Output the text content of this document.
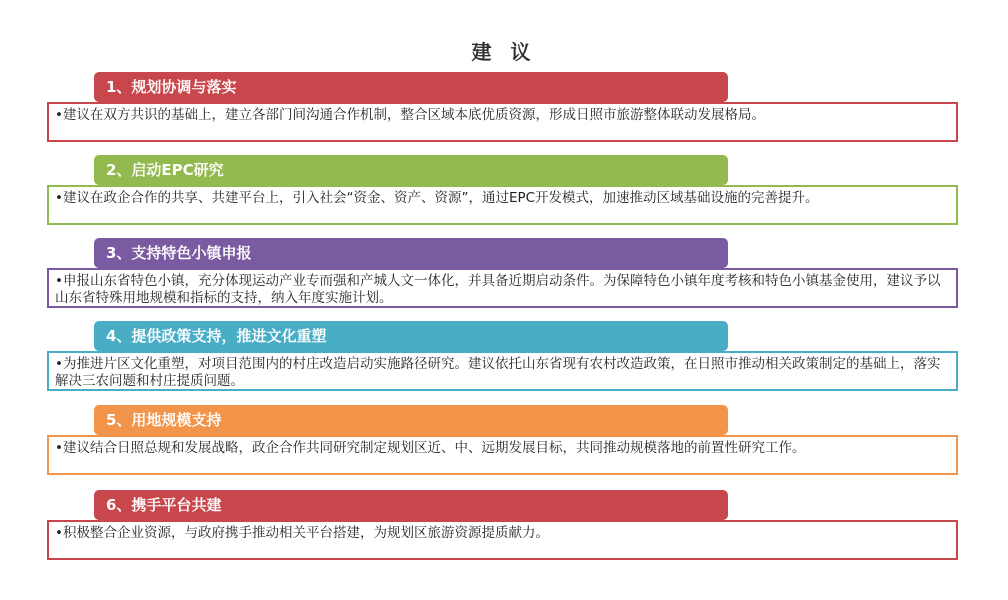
建 议
1、规划协调与落实
•建议在双方共识的基础上，建立各部门间沟通合作机制，整合区域本底优质资源，形成日照市旅游整体联动发展格局。
2、启动EPC研究
•建议在政企合作的共享、共建平台上，引入社会“资金、资产、资源”，通过EPC开发模式，加速推动区域基础设施的完善提升。
3、支持特色小镇申报
•申报山东省特色小镇，充分体现运动产业专而强和产城人文一体化，并具备近期启动条件。为保障特色小镇年度考核和特色小镇基金使用，建议予以山东省特殊用地规模和指标的支持，纳入年度实施计划。
4、提供政策支持，推进文化重塑
•为推进片区文化重塑，对项目范围内的村庄改造启动实施路径研究。建议依托山东省现有农村改造政策，在日照市推动相关政策制定的基础上，落实解决三农问题和村庄提质问题。
5、用地规模支持
•建议结合日照总规和发展战略，政企合作共同研究制定规划区近、中、远期发展目标，共同推动规模落地的前置性研究工作。
6、携手平台共建
•积极整合企业资源，与政府携手推动相关平台搭建，为规划区旅游资源提质献力。
